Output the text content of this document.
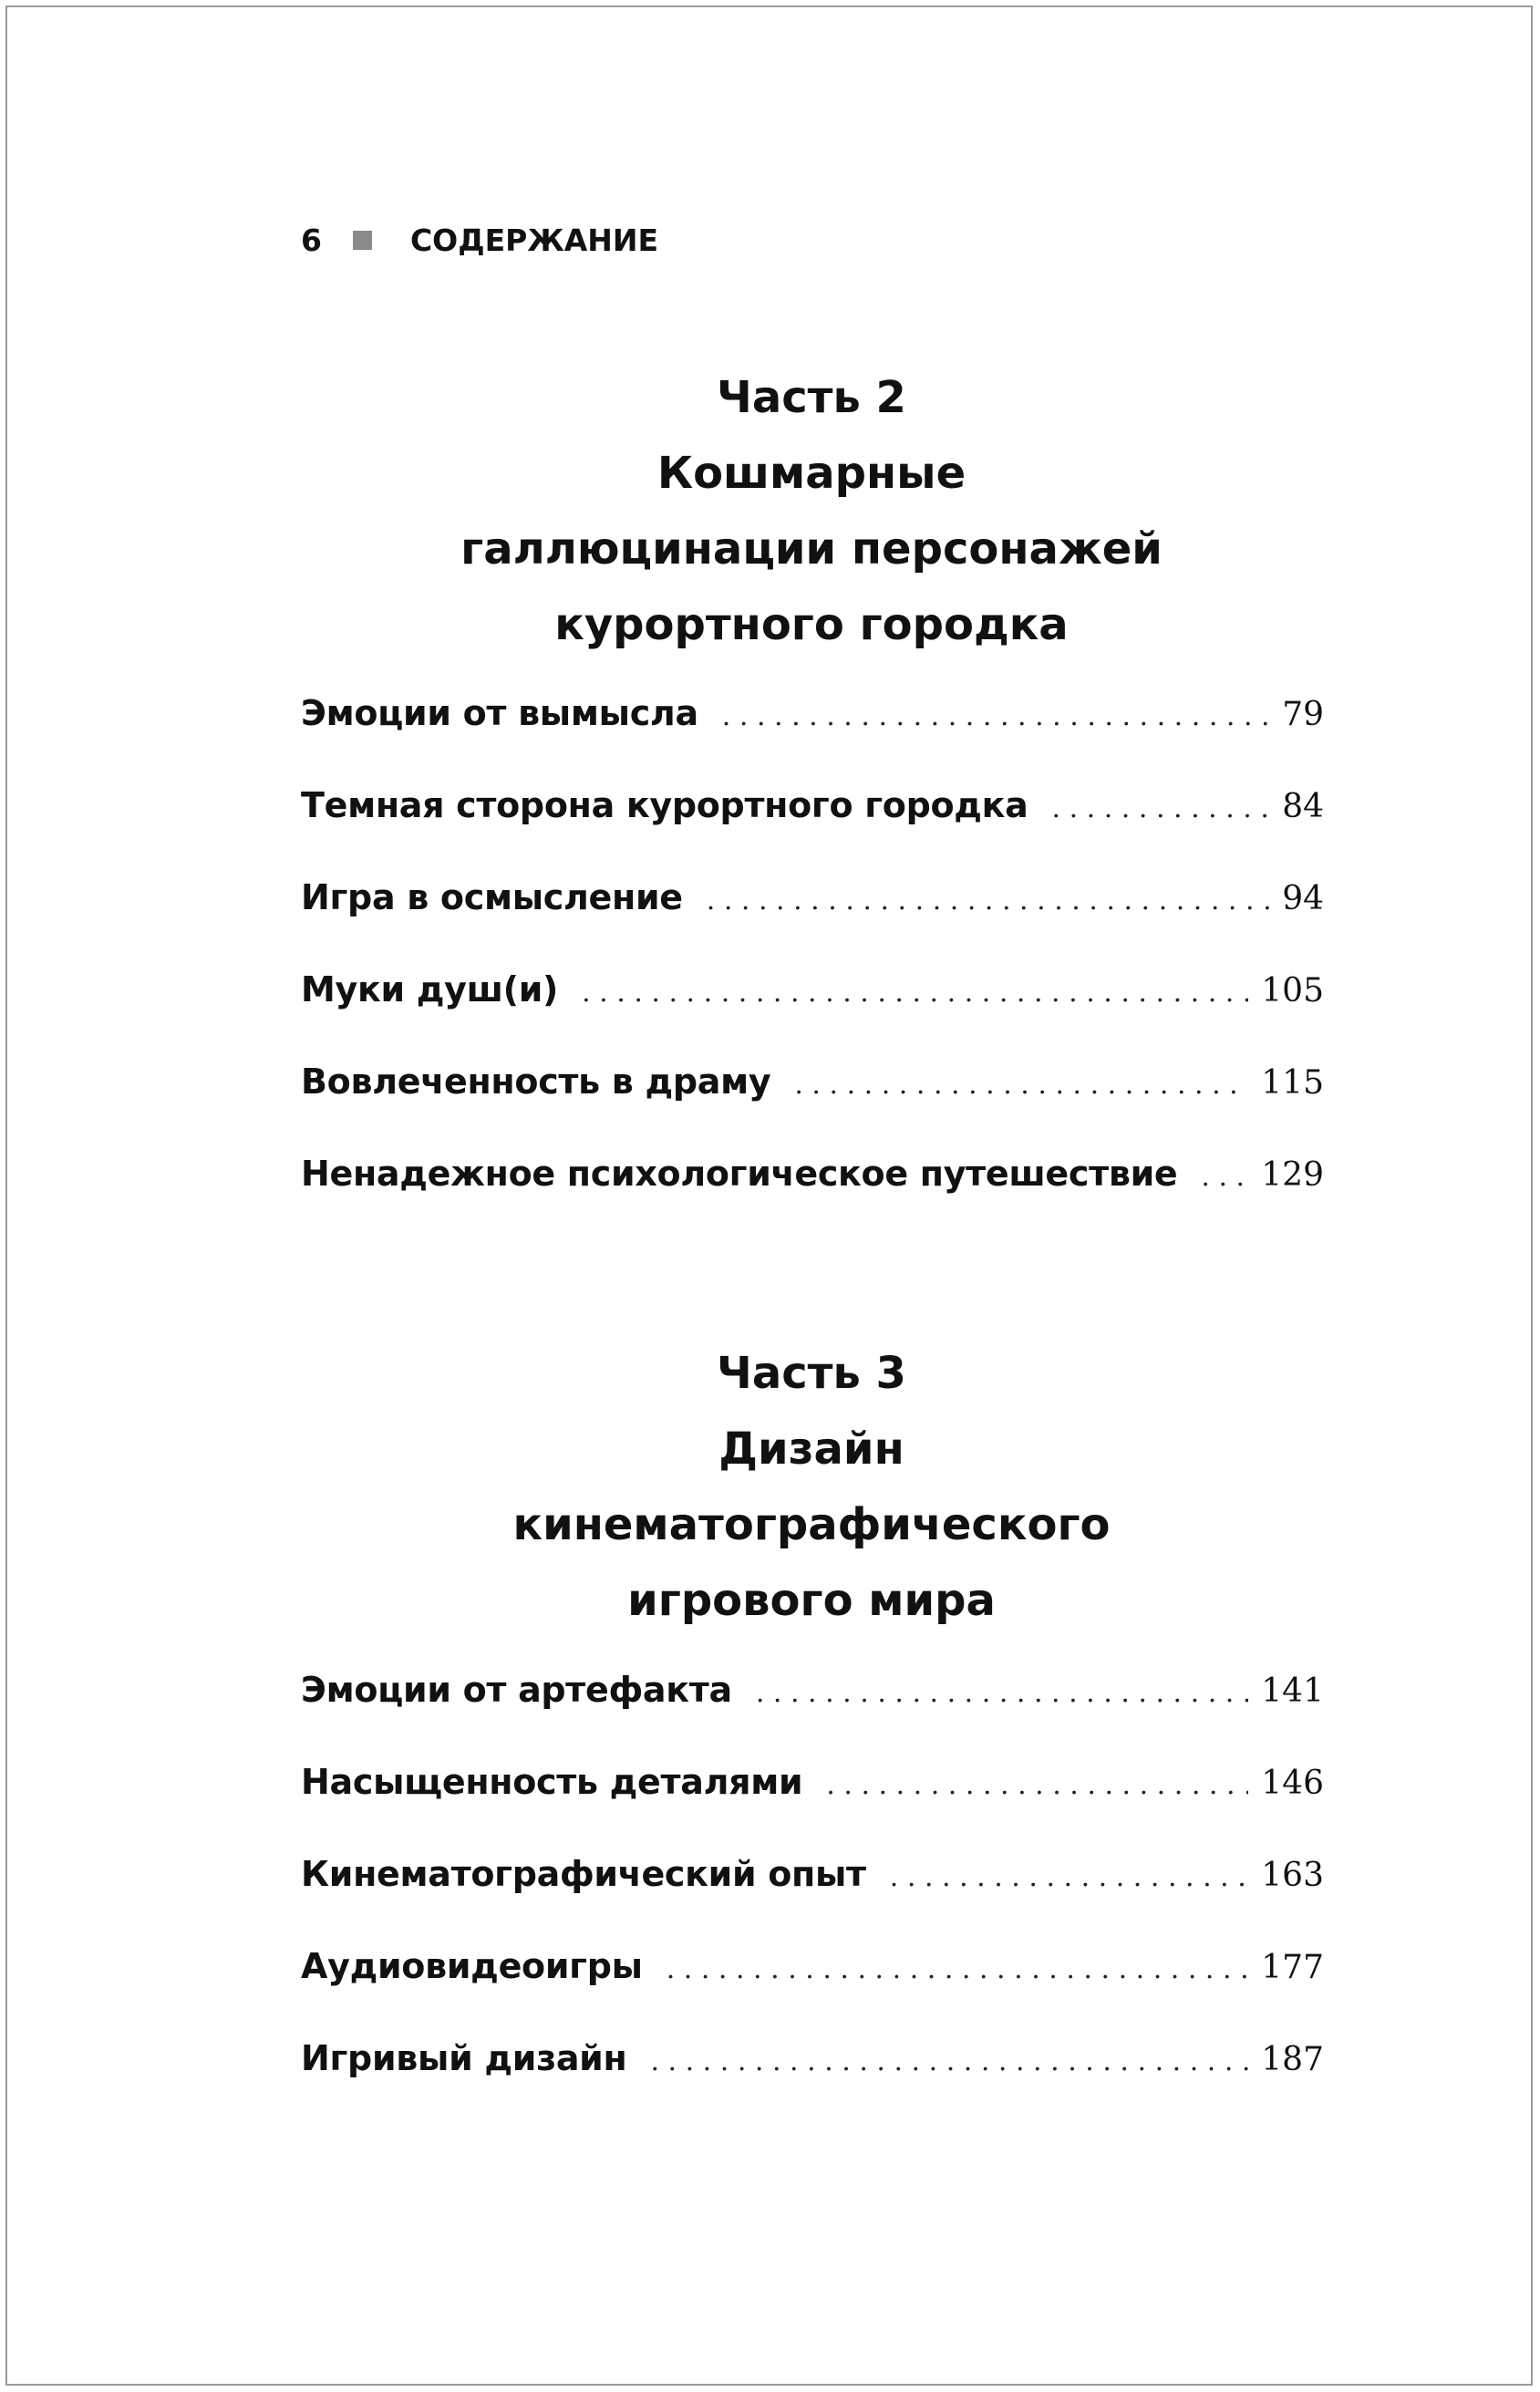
6	СОДЕРЖАНИЕ
Часть 2
Кошмарные
галлюцинации персонажей
курортного городка
Эмоции от вымысла . . .	79
Темная сторона курортного городка . . .	84
Игра в осмысление . . .	94
Муки душ(и) . . .	105
Вовлеченность в драму . . .	115
Ненадежное психологическое путешествие . . .	129
Часть 3
Дизайн
кинематографического
игрового мира
Эмоции от артефакта . . .	141
Насыщенность деталями . . .	146
Кинематографический опыт . . .	163
Аудиовидеоигры . . .	177
Игривый дизайн . . .	187
